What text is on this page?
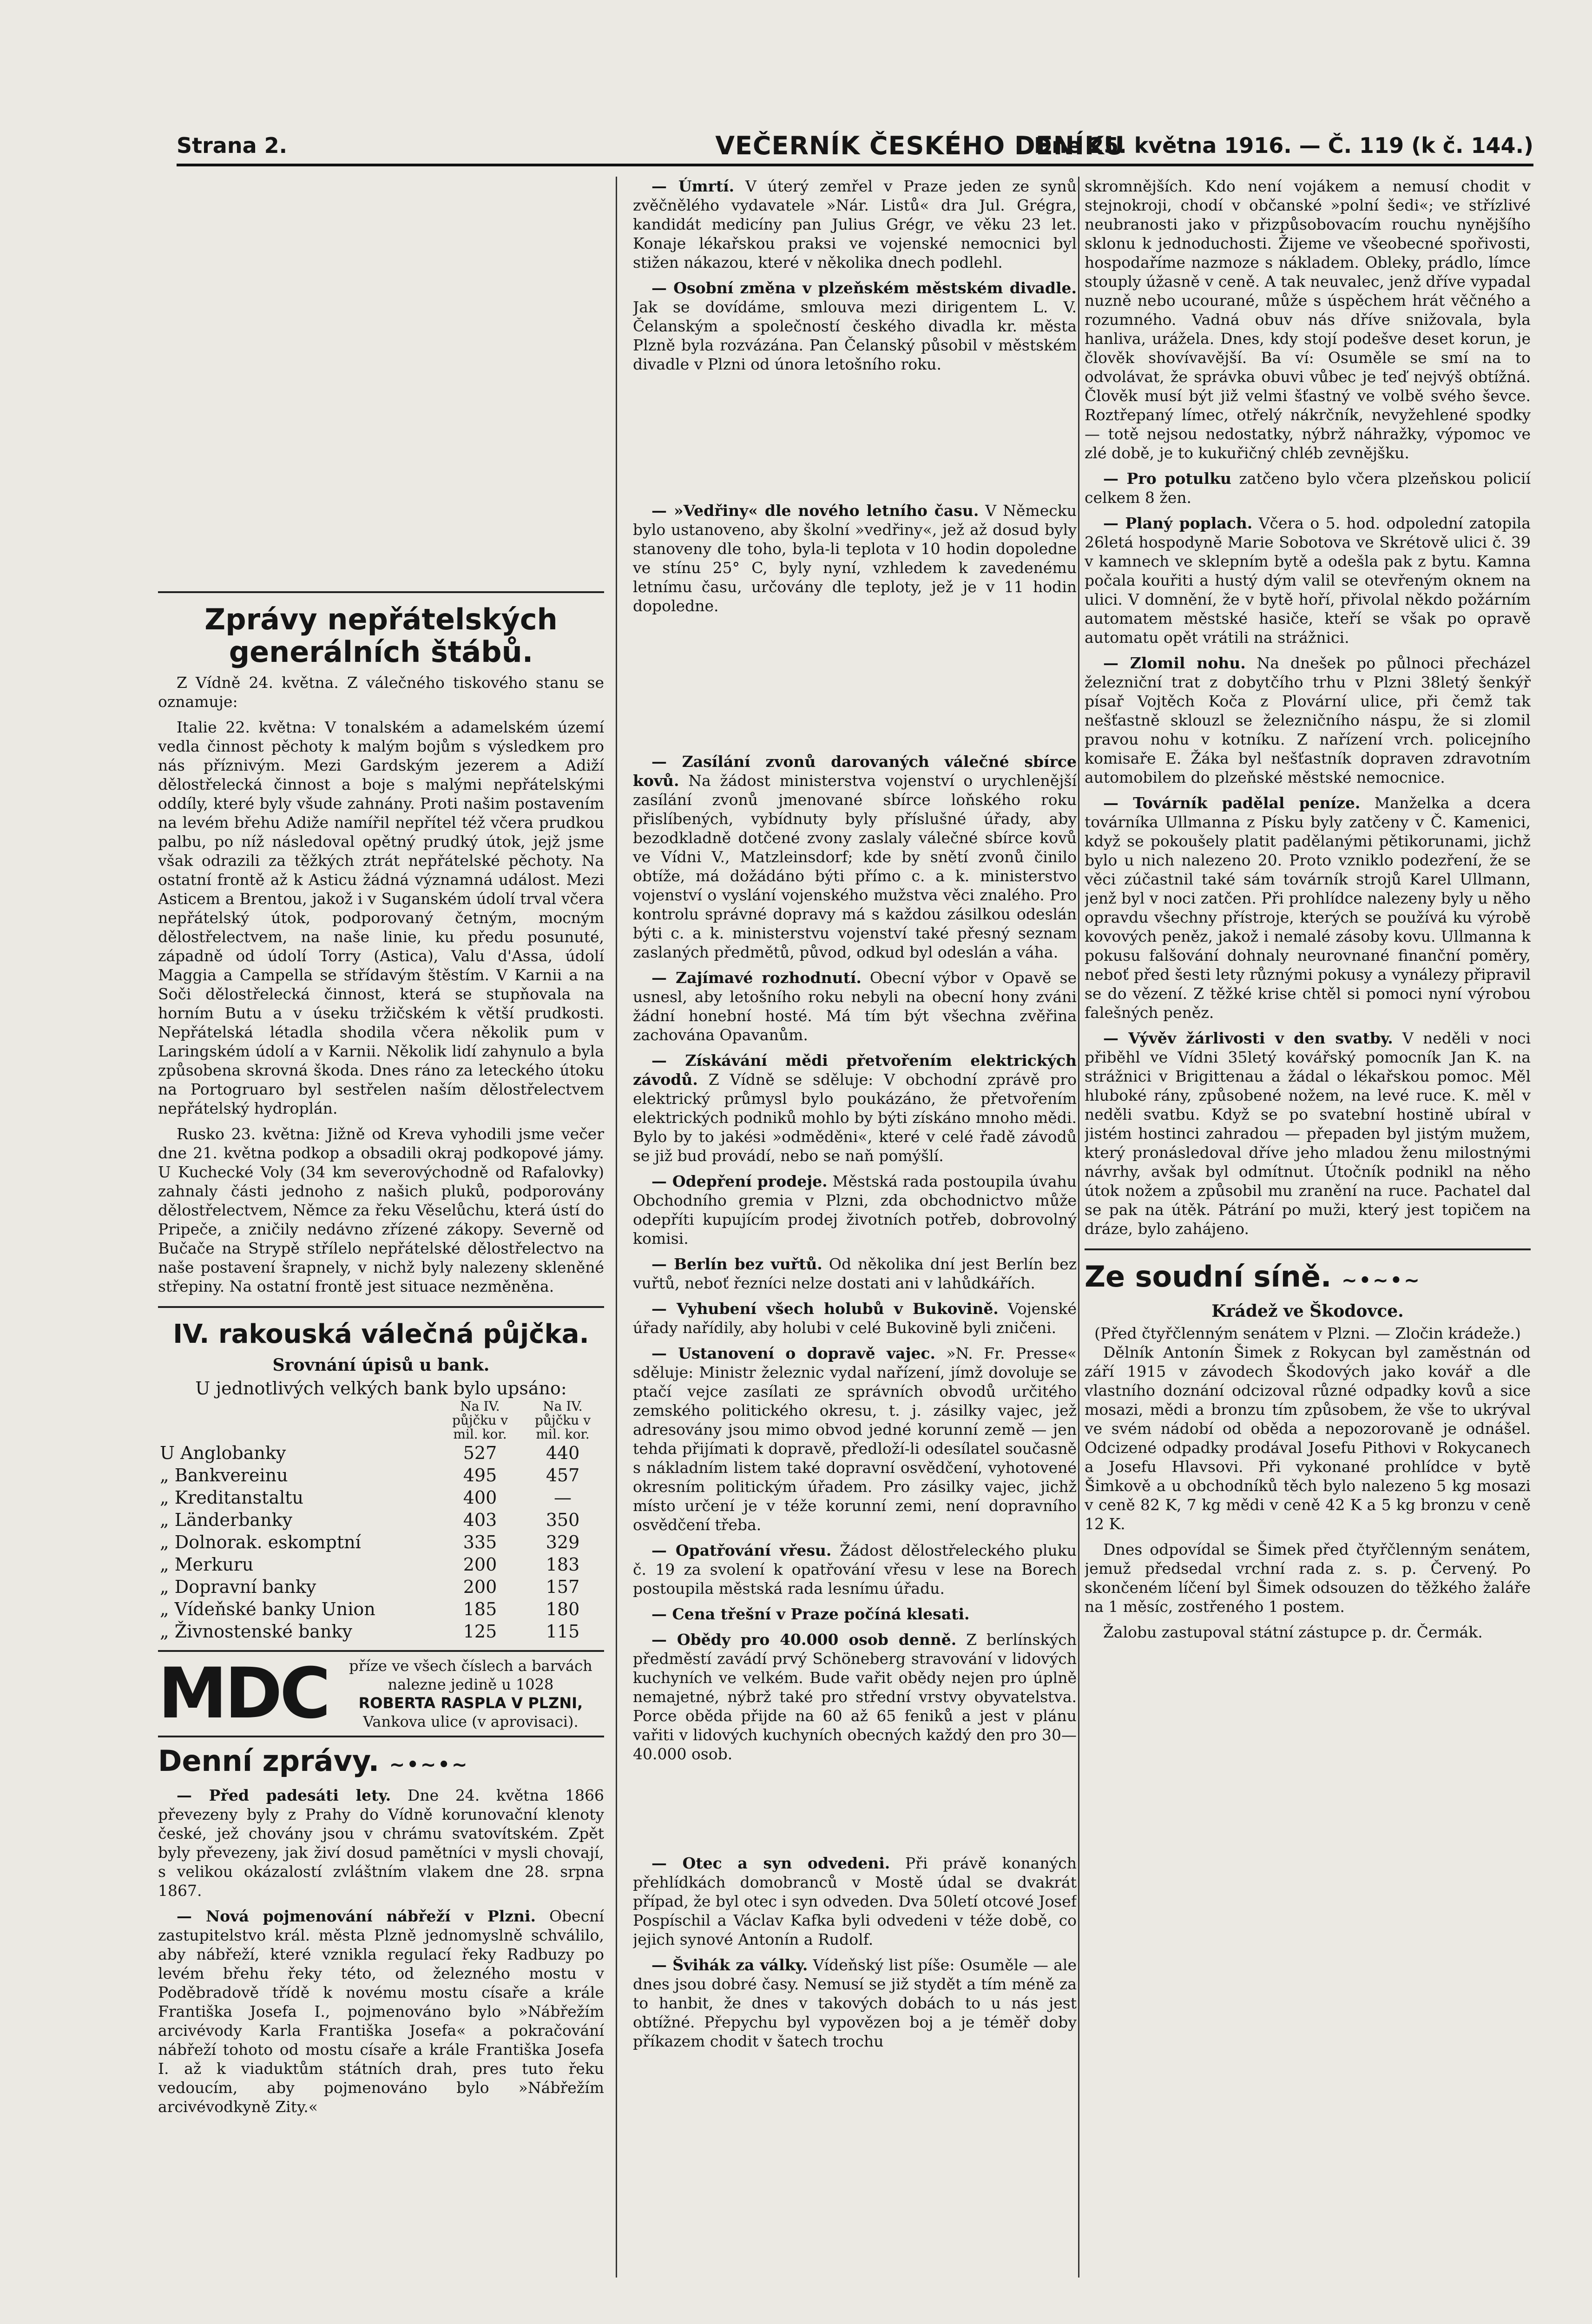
Strana 2.	VEČERNÍK ČESKÉHO DENÍKU
Dne 25. května 1916. — Č. 119 (k č. 144.)
Zprávy nepřátelských generálních štábů.

Z Vídně 24. května. Z válečného tiskového stanu se oznamuje:

Italie 22. května: V tonalském a adamelském území vedla činnost pěchoty k malým bojům s výsledkem pro nás příznivým. Mezi Gardským jezerem a Adiží dělostřelecká činnost a boje s malými nepřátelskými oddíly, které byly všude zahnány. Proti našim postavením na levém břehu Adiže namířil nepřítel též včera prudkou palbu, po níž následoval opětný prudký útok, jejž jsme však odrazili za těžkých ztrát nepřátelské pěchoty. Na ostatní frontě až k Asticu žádná významná událost. Mezi Asticem a Brentou, jakož i v Suganském údolí trval včera nepřátelský útok, podporovaný četným, mocným dělostřelectvem, na naše linie, ku předu posunuté, západně od údolí Torry (Astica), Valu d'Assa, údolí Maggia a Campella se střídavým štěstím. V Karnii a na Soči dělostřelecká činnost, která se stupňovala na horním Butu a v úseku tržičském k větší prudkosti. Nepřátelská létadla shodila včera několik pum v Laringském údolí a v Karnii. Několik lidí zahynulo a byla způsobena skrovná škoda. Dnes ráno za leteckého útoku na Portogruaro byl sestřelen naším dělostřelectvem nepřátelský hydroplán.

Rusko 23. května: Jižně od Kreva vyhodili jsme večer dne 21. května podkop a obsadili okraj podkopové jámy. U Kuchecké Voly (34 km severovýchodně od Rafalovky) zahnaly části jednoho z našich pluků, podporovány dělostřelectvem, Němce za řeku Věselůchu, která ústí do Pripeče, a zničily nedávno zřízené zákopy. Severně od Bučače na Strypě střílelo nepřátelské dělostřelectvo na naše postavení šrapnely, v nichž byly nalezeny skleněné střepiny. Na ostatní frontě jest situace nezměněna.

IV. rakouská válečná půjčka.
Srovnání úpisů u bank.

U jednotlivých velkých bank bylo upsáno:

	Na IV. půjčku v mil. kor.	Na IV. půjčku v mil. kor.
U Anglobanky	527	440
„ Bankvereinu	495	457
„ Kreditanstaltu	400	—
„ Länderbanky	403	350
„ Dolnorak. eskomptní	335	329
„ Merkuru	200	183
„ Dopravní banky	200	157
„ Vídeňské banky Union	185	180
„ Živnostenské banky	125	115
MDC	příze ve všech číslech a barvách nalezne jedině u 1028
ROBERTA RASPLA V PLZNI,
Vankova ulice (v aprovisaci).
Denní zprávy. ~•~•~

— Před padesáti lety. Dne 24. května 1866 převezeny byly z Prahy do Vídně korunovační klenoty české, jež chovány jsou v chrámu svatovítském. Zpět byly převezeny, jak živí dosud pamětníci v mysli chovají, s velikou okázalostí zvláštním vlakem dne 28. srpna 1867.

— Nová pojmenování nábřeží v Plzni. Obecní zastupitelstvo král. města Plzně jednomyslně schválilo, aby nábřeží, které vznikla regulací řeky Radbuzy po levém břehu řeky této, od železného mostu v Poděbradově třídě k novému mostu císaře a krále Františka Josefa I., pojmenováno bylo »Nábřežím arcivévody Karla Františka Josefa« a pokračování nábřeží tohoto od mostu císaře a krále Františka Josefa I. až k viaduktům státních drah, pres tuto řeku vedoucím, aby pojmenováno bylo »Nábřežím arcivévodkyně Zity.«

— Úmrtí. V úterý zemřel v Praze jeden ze synů zvěčnělého vydavatele »Nár. Listů« dra Jul. Grégra, kandidát medicíny pan Julius Grégr, ve věku 23 let. Konaje lékařskou praksi ve vojenské nemocnici byl stižen nákazou, které v několika dnech podlehl.

— Osobní změna v plzeňském městském divadle. Jak se dovídáme, smlouva mezi dirigentem L. V. Čelanským a společností českého divadla kr. města Plzně byla rozvázána. Pan Čelanský působil v městském divadle v Plzni od února letošního roku.

— »Vedřiny« dle nového letního času. V Německu bylo ustanoveno, aby školní »vedřiny«, jež až dosud byly stanoveny dle toho, byla-li teplota v 10 hodin dopoledne ve stínu 25° C, byly nyní, vzhledem k zavedenému letnímu času, určovány dle teploty, jež je v 11 hodin dopoledne.

— Zasílání zvonů darovaných válečné sbírce kovů. Na žádost ministerstva vojenství o urychlenější zasílání zvonů jmenované sbírce loňského roku přislíbených, vybídnuty byly příslušné úřady, aby bezodkladně dotčené zvony zaslaly válečné sbírce kovů ve Vídni V., Matzleinsdorf; kde by snětí zvonů činilo obtíže, má dožádáno býti přímo c. a k. ministerstvo vojenství o vyslání vojenského mužstva věci znalého. Pro kontrolu správné dopravy má s každou zásilkou odeslán býti c. a k. ministerstvu vojenství také přesný seznam zaslaných předmětů, původ, odkud byl odeslán a váha.

— Zajímavé rozhodnutí. Obecní výbor v Opavě se usnesl, aby letošního roku nebyli na obecní hony zváni žádní honební hosté. Má tím být všechna zvěřina zachována Opavanům.

— Získávání mědi přetvořením elektrických závodů. Z Vídně se sděluje: V obchodní zprávě pro elektrický průmysl bylo poukázáno, že přetvořením elektrických podniků mohlo by býti získáno mnoho mědi. Bylo by to jakési »odměděni«, které v celé řadě závodů se již bud provádí, nebo se naň pomýšlí.

— Odepření prodeje. Městská rada postoupila úvahu Obchodního gremia v Plzni, zda obchodnictvo může odepříti kupujícím prodej životních potřeb, dobrovolný komisi.

— Berlín bez vuřtů. Od několika dní jest Berlín bez vuřtů, neboť řezníci nelze dostati ani v lahůdkářích.

— Vyhubení všech holubů v Bukovině. Vojenské úřady nařídily, aby holubi v celé Bukovině byli zničeni.

— Ustanovení o dopravě vajec. »N. Fr. Presse« sděluje: Ministr železnic vydal nařízení, jímž dovoluje se ptačí vejce zasílati ze správních obvodů určitého zemského politického okresu, t. j. zásilky vajec, jež adresovány jsou mimo obvod jedné korunní země — jen tehda přijímati k dopravě, předloží-li odesílatel současně s nákladním listem také dopravní osvědčení, vyhotovené okresním politickým úřadem. Pro zásilky vajec, jichž místo určení je v téže korunní zemi, není dopravního osvědčení třeba.

— Opatřování vřesu. Žádost dělostřeleckého pluku č. 19 za svolení k opatřování vřesu v lese na Borech postoupila městská rada lesnímu úřadu.

— Cena třešní v Praze počíná klesati.

— Obědy pro 40.000 osob denně. Z berlínských předměstí zavádí prvý Schöneberg stravování v lidových kuchyních ve velkém. Bude vařit obědy nejen pro úplně nemajetné, nýbrž také pro střední vrstvy obyvatelstva. Porce oběda přijde na 60 až 65 feniků a jest v plánu vařiti v lidových kuchyních obecných každý den pro 30—40.000 osob.

— Otec a syn odvedeni. Při právě konaných přehlídkách domobranců v Mostě údal se dvakrát případ, že byl otec i syn odveden. Dva 50letí otcové Josef Pospíschil a Václav Kafka byli odvedeni v téže době, co jejich synové Antonín a Rudolf.

— Švihák za války. Vídeňský list píše: Osuměle — ale dnes jsou dobré časy. Nemusí se již stydět a tím méně za to hanbit, že dnes v takových dobách to u nás jest obtížné. Přepychu byl vypovězen boj a je téměř doby příkazem chodit v šatech trochu

skromnějších. Kdo není vojákem a nemusí chodit v stejnokroji, chodí v občanské »polní šedi«; ve střízlivé neubranosti jako v přizpůsobovacím rouchu nynějšího sklonu k jednoduchosti. Žijeme ve všeobecné spořivosti, hospodaříme nazmoze s nákladem. Obleky, prádlo, límce stouply úžasně v ceně. A tak neuvalec, jenž dříve vypadal nuzně nebo ucourané, může s úspěchem hrát věčného a rozumného. Vadná obuv nás dříve snižovala, byla hanliva, urážela. Dnes, kdy stojí podešve deset korun, je člověk shovívavější. Ba ví: Osuměle se smí na to odvolávat, že správka obuvi vůbec je teď nejvýš obtížná. Člověk musí být již velmi šťastný ve volbě svého ševce. Roztřepaný límec, otřelý nákrčník, nevyžehlené spodky — totě nejsou nedostatky, nýbrž náhražky, výpomoc ve zlé době, je to kukuřičný chléb zevnějšku.

— Pro potulku zatčeno bylo včera plzeňskou policií celkem 8 žen.

— Planý poplach. Včera o 5. hod. odpolední zatopila 26letá hospodyně Marie Sobotova ve Skrétově ulici č. 39 v kamnech ve sklepním bytě a odešla pak z bytu. Kamna počala kouřiti a hustý dým valil se otevřeným oknem na ulici. V domnění, že v bytě hoří, přivolal někdo požárním automatem městské hasiče, kteří se však po opravě automatu opět vrátili na strážnici.

— Zlomil nohu. Na dnešek po půlnoci přecházel železniční trat z dobytčího trhu v Plzni 38letý šenkýř písař Vojtěch Koča z Plovární ulice, při čemž tak nešťastně sklouzl se železničního náspu, že si zlomil pravou nohu v kotníku. Z nařízení vrch. policejního komisaře E. Žáka byl nešťastník dopraven zdravotním automobilem do plzeňské městské nemocnice.

— Továrník padělal peníze. Manželka a dcera továrníka Ullmanna z Písku byly zatčeny v Č. Kamenici, když se pokoušely platit padělanými pětikorunami, jichž bylo u nich nalezeno 20. Proto vzniklo podezření, že se věci zúčastnil také sám továrník strojů Karel Ullmann, jenž byl v noci zatčen. Při prohlídce nalezeny byly u něho opravdu všechny přístroje, kterých se používá ku výrobě kovových peněz, jakož i nemalé zásoby kovu. Ullmanna k pokusu falšování dohnaly neurovnané finanční poměry, neboť před šesti lety různými pokusy a vynálezy připravil se do vězení. Z těžké krise chtěl si pomoci nyní výrobou falešných peněz.

— Vývěv žárlivosti v den svatby. V neděli v noci přiběhl ve Vídni 35letý kovářský pomocník Jan K. na strážnici v Brigittenau a žádal o lékařskou pomoc. Měl hluboké rány, způsobené nožem, na levé ruce. K. měl v neděli svatbu. Když se po svatební hostině ubíral v jistém hostinci zahradou — přepaden byl jistým mužem, který pronásledoval dříve jeho mladou ženu milostnými návrhy, avšak byl odmítnut. Útočník podnikl na něho útok nožem a způsobil mu zranění na ruce. Pachatel dal se pak na útěk. Pátrání po muži, který jest topičem na dráze, bylo zahájeno.

Ze soudní síně. ~•~•~
Krádež ve Škodovce.

(Před čtyřčlenným senátem v Plzni. — Zločin krádeže.)

Dělník Antonín Šimek z Rokycan byl zaměstnán od září 1915 v závodech Škodových jako kovář a dle vlastního doznání odcizoval různé odpadky kovů a sice mosazi, mědi a bronzu tím způsobem, že vše to ukrýval ve svém nádobí od oběda a nepozorovaně je odnášel. Odcizené odpadky prodával Josefu Pithovi v Rokycanech a Josefu Hlavsovi. Při vykonané prohlídce v bytě Šimkově a u obchodníků těch bylo nalezeno 5 kg mosazi v ceně 82 K, 7 kg mědi v ceně 42 K a 5 kg bronzu v ceně 12 K.

Dnes odpovídal se Šimek před čtyřčlenným senátem, jemuž předsedal vrchní rada z. s. p. Červený. Po skončeném líčení byl Šimek odsouzen do těžkého žaláře na 1 měsíc, zostřeného 1 postem.

Žalobu zastupoval státní zástupce p. dr. Čermák.
